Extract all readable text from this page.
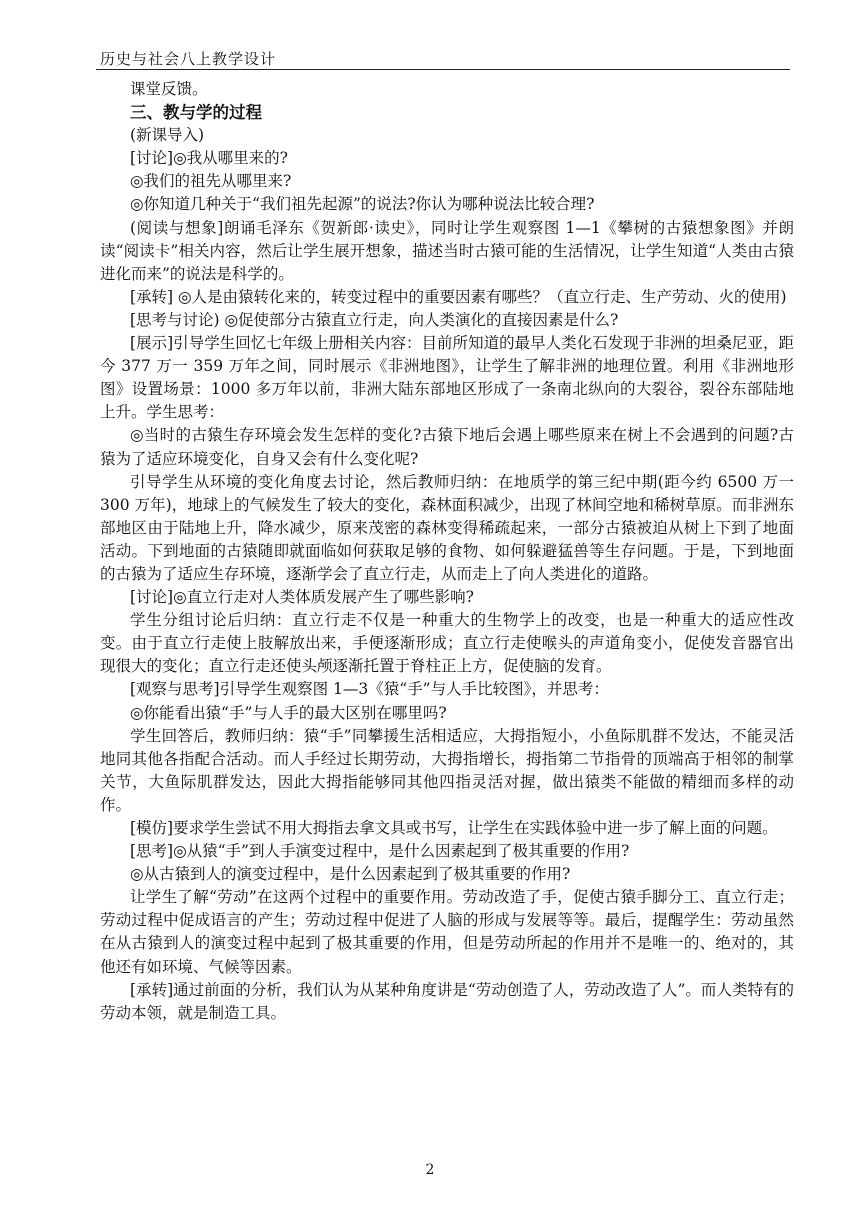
历史与社会八上教学设计

课堂反馈。

三、教与学的过程

(新课导入)

[讨论]◎我从哪里来的?

◎我们的祖先从哪里来?

◎你知道几种关于“我们祖先起源”的说法?你认为哪种说法比较合理?

(阅读与想象]朗诵毛泽东《贺新郎·读史》，同时让学生观察图 1—1《攀树的古猿想象图》并朗读“阅读卡”相关内容，然后让学生展开想象，描述当时古猿可能的生活情况，让学生知道“人类由古猿进化而来”的说法是科学的。

[承转] ◎人是由猿转化来的，转变过程中的重要因素有哪些？（直立行走、生产劳动、火的使用)

[思考与讨论) ◎促使部分古猿直立行走，向人类演化的直接因素是什么?

[展示]引导学生回忆七年级上册相关内容：目前所知道的最早人类化石发现于非洲的坦桑尼亚，距今 377 万一 359 万年之间，同时展示《非洲地图》，让学生了解非洲的地理位置。利用《非洲地形图》设置场景：1000 多万年以前，非洲大陆东部地区形成了一条南北纵向的大裂谷，裂谷东部陆地上升。学生思考：

◎当时的古猿生存环境会发生怎样的变化?古猿下地后会遇上哪些原来在树上不会遇到的问题?古猿为了适应环境变化，自身又会有什么变化呢?

引导学生从环境的变化角度去讨论，然后教师归纳：在地质学的第三纪中期(距今约 6500 万一 300 万年)，地球上的气候发生了较大的变化，森林面积减少，出现了林间空地和稀树草原。而非洲东部地区由于陆地上升，降水减少，原来茂密的森林变得稀疏起来，一部分古猿被迫从树上下到了地面活动。下到地面的古猿随即就面临如何获取足够的食物、如何躲避猛兽等生存问题。于是，下到地面的古猿为了适应生存环境，逐渐学会了直立行走，从而走上了向人类进化的道路。

[讨论]◎直立行走对人类体质发展产生了哪些影响?

学生分组讨论后归纳：直立行走不仅是一种重大的生物学上的改变，也是一种重大的适应性改变。由于直立行走使上肢解放出来，手便逐渐形成；直立行走使喉头的声道角变小，促使发音器官出现很大的变化；直立行走还使头颅逐渐托置于脊柱正上方，促使脑的发育。

[观察与思考]引导学生观察图 1—3《猿“手”与人手比较图》，并思考：

◎你能看出猿“手”与人手的最大区别在哪里吗?

学生回答后，教师归纳：猿“手”同攀援生活相适应，大拇指短小，小鱼际肌群不发达，不能灵活地同其他各指配合活动。而人手经过长期劳动，大拇指增长，拇指第二节指骨的顶端高于相邻的制掌关节，大鱼际肌群发达，因此大拇指能够同其他四指灵活对握，做出猿类不能做的精细而多样的动作。

[模仿]要求学生尝试不用大拇指去拿文具或书写，让学生在实践体验中进一步了解上面的问题。

[思考]◎从猿“手”到人手演变过程中，是什么因素起到了极其重要的作用?

◎从古猿到人的演变过程中，是什么因素起到了极其重要的作用?

让学生了解“劳动”在这两个过程中的重要作用。劳动改造了手，促使古猿手脚分工、直立行走；劳动过程中促成语言的产生；劳动过程中促进了人脑的形成与发展等等。最后，提醒学生：劳动虽然在从古猿到人的演变过程中起到了极其重要的作用，但是劳动所起的作用并不是唯一的、绝对的，其他还有如环境、气候等因素。

[承转]通过前面的分析，我们认为从某种角度讲是“劳动创造了人，劳动改造了人”。而人类特有的劳动本领，就是制造工具。

2
